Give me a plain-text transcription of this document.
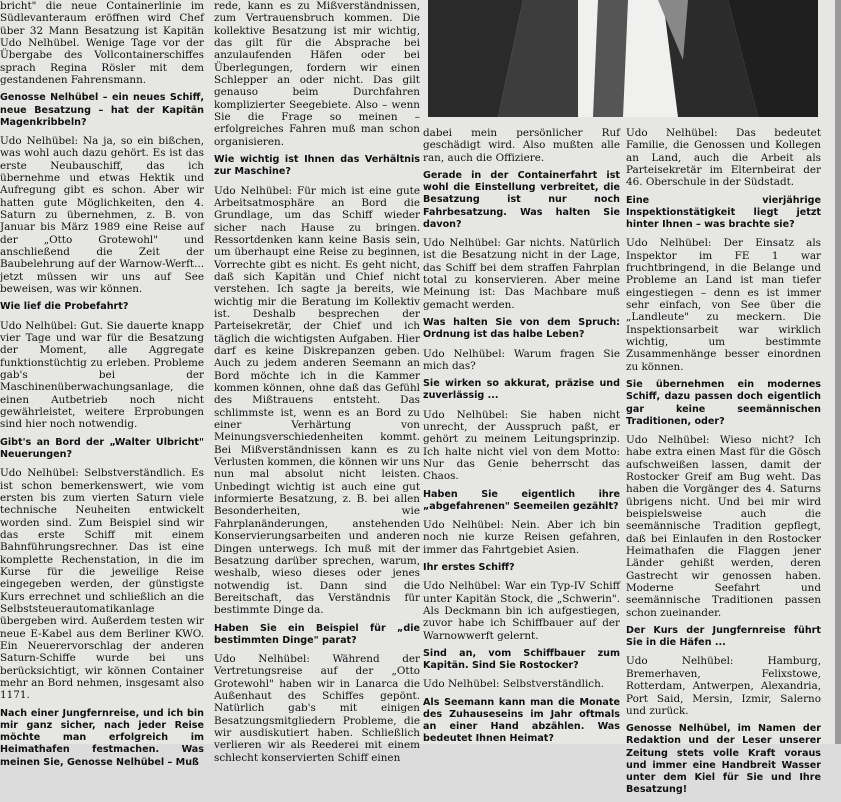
bricht" die neue Containerlinie im Südlevanteraum eröffnen wird Chef über 32 Mann Besatzung ist Kapitän Udo Nelhübel. Wenige Tage vor der Übergabe des Vollcontainerschiffes sprach Regina Rösler mit dem gestandenen Fahrensmann.

Genosse Nelhübel – ein neues Schiff, neue Besatzung – hat der Kapitän Magenkribbeln?

Udo Nelhübel: Na ja, so ein bißchen, was wohl auch dazu gehört. Es ist das erste Neubauschiff, das ich übernehme und etwas Hektik und Aufregung gibt es schon. Aber wir hatten gute Möglichkeiten, den 4. Saturn zu übernehmen, z. B. von Januar bis März 1989 eine Reise auf der „Otto Grotewohl" und anschließend die Zeit der Baubelehrung auf der Warnow-Werft... jetzt müssen wir uns auf See beweisen, was wir können.

Wie lief die Probefahrt?

Udo Nelhübel: Gut. Sie dauerte knapp vier Tage und war für die Besatzung der Moment, alle Aggregate funktionstüchtig zu erleben. Probleme gab's bei der Maschinenüberwachungsanlage, die einen Autbetrieb noch nicht gewährleistet, weitere Erprobungen sind hier noch notwendig.

Gibt's an Bord der „Walter Ulbricht" Neuerungen?

Udo Nelhübel: Selbstverständlich. Es ist schon bemerkenswert, wie vom ersten bis zum vierten Saturn viele technische Neuheiten entwickelt worden sind. Zum Beispiel sind wir das erste Schiff mit einem Bahnführungsrechner. Das ist eine komplette Rechenstation, in die im Kurse für die jeweilige Reise eingegeben werden, der günstigste Kurs errechnet und schließlich an die Selbststeuerautomatikanlage übergeben wird. Außerdem testen wir neue E-Kabel aus dem Berliner KWO. Ein Neuerervorschlag der anderen Saturn-Schiffe wurde bei uns berücksichtigt, wir können Container mehr an Bord nehmen, insgesamt also 1171.

Nach einer Jungfernreise, und ich bin mir ganz sicher, nach jeder Reise möchte man erfolgreich im Heimathafen festmachen. Was meinen Sie, Genosse Nelhübel – Muß

rede, kann es zu Mißverständnissen, zum Vertrauensbruch kommen. Die kollektive Besatzung ist mir wichtig, das gilt für die Absprache bei anzulaufenden Häfen oder bei Überlegungen, fordern wir einen Schlepper an oder nicht. Das gilt genauso beim Durchfahren komplizierter Seegebiete. Also – wenn Sie die Frage so meinen – erfolgreiches Fahren muß man schon organisieren.

Wie wichtig ist Ihnen das Verhältnis zur Maschine?

Udo Nelhübel: Für mich ist eine gute Arbeitsatmosphäre an Bord die Grundlage, um das Schiff wieder sicher nach Hause zu bringen. Ressortdenken kann keine Basis sein, um überhaupt eine Reise zu beginnen, Vorrechte gibt es nicht. Es geht nicht, daß sich Kapitän und Chief nicht verstehen. Ich sagte ja bereits, wie wichtig mir die Beratung im Kollektiv ist. Deshalb besprechen der Parteisekretär, der Chief und ich täglich die wichtigsten Aufgaben. Hier darf es keine Diskrepanzen geben. Auch zu jedem anderen Seemann an Bord möchte ich in die Kammer kommen können, ohne daß das Gefühl des Mißtrauens entsteht. Das schlimmste ist, wenn es an Bord zu einer Verhärtung von Meinungsverschiedenheiten kommt. Bei Mißverständnissen kann es zu Verlusten kommen, die können wir uns nun mal absolut nicht leisten. Unbedingt wichtig ist auch eine gut informierte Besatzung, z. B. bei allen Besonderheiten, wie Fahrplanänderungen, anstehenden Konservierungsarbeiten und anderen Dingen unterwegs. Ich muß mit der Besatzung darüber sprechen, warum, weshalb, wieso dieses oder jenes notwendig ist. Dann sind die Bereitschaft, das Verständnis für bestimmte Dinge da.

Haben Sie ein Beispiel für „die bestimmten Dinge" parat?

Udo Nelhübel: Während der Vertretungsreise auf der „Otto Grotewohl" haben wir in Lanarca die Außenhaut des Schiffes gepönt. Natürlich gab's mit einigen Besatzungsmitgliedern Probleme, die wir ausdiskutiert haben. Schließlich verlieren wir als Reederei mit einem schlecht konservierten Schiff einen

dabei mein persönlicher Ruf geschädigt wird. Also mußten alle ran, auch die Offiziere.

Gerade in der Containerfahrt ist wohl die Einstellung verbreitet, die Besatzung ist nur noch Fahrbesatzung. Was halten Sie davon?

Udo Nelhübel: Gar nichts. Natürlich ist die Besatzung nicht in der Lage, das Schiff bei dem straffen Fahrplan total zu konservieren. Aber meine Meinung ist: Das Machbare muß gemacht werden.

Was halten Sie von dem Spruch: Ordnung ist das halbe Leben?

Udo Nelhübel: Warum fragen Sie mich das?

Sie wirken so akkurat, präzise und zuverlässig ...

Udo Nelhübel: Sie haben nicht unrecht, der Ausspruch paßt, er gehört zu meinem Leitungsprinzip. Ich halte nicht viel von dem Motto: Nur das Genie beherrscht das Chaos.

Haben Sie eigentlich ihre „abgefahrenen" Seemeilen gezählt?

Udo Nelhübel: Nein. Aber ich bin noch nie kurze Reisen gefahren, immer das Fahrtgebiet Asien.

Ihr erstes Schiff?

Udo Nelhübel: War ein Typ-IV Schiff unter Kapitän Stock, die „Schwerin". Als Deckmann bin ich aufgestiegen, zuvor habe ich Schiffbauer auf der Warnowwerft gelernt.

Sind an, vom Schiffbauer zum Kapitän. Sind Sie Rostocker?

Udo Nelhübel: Selbstverständlich.

Als Seemann kann man die Monate des Zuhauseseins im Jahr oftmals an einer Hand abzählen. Was bedeutet Ihnen Heimat?

Udo Nelhübel: Das bedeutet Familie, die Genossen und Kollegen an Land, auch die Arbeit als Parteisekretär im Elternbeirat der 46. Oberschule in der Südstadt.

Eine vierjährige Inspektionstätigkeit liegt jetzt hinter Ihnen – was brachte sie?

Udo Nelhübel: Der Einsatz als Inspektor im FE 1 war fruchtbringend, in die Belange und Probleme an Land ist man tiefer eingestiegen – denn es ist immer sehr einfach, von See über die „Landleute" zu meckern. Die Inspektionsarbeit war wirklich wichtig, um bestimmte Zusammenhänge besser einordnen zu können.

Sie übernehmen ein modernes Schiff, dazu passen doch eigentlich gar keine seemännischen Traditionen, oder?

Udo Nelhübel: Wieso nicht? Ich habe extra einen Mast für die Gösch aufschweißen lassen, damit der Rostocker Greif am Bug weht. Das haben die Vorgänger des 4. Saturns übrigens nicht. Und bei mir wird beispielsweise auch die seemännische Tradition gepflegt, daß bei Einlaufen in den Rostocker Heimathafen die Flaggen jener Länder gehißt werden, deren Gastrecht wir genossen haben. Moderne Seefahrt und seemännische Traditionen passen schon zueinander.

Der Kurs der Jungfernreise führt Sie in die Häfen ...

Udo Nelhübel: Hamburg, Bremerhaven, Felixstowe, Rotterdam, Antwerpen, Alexandria, Port Said, Mersin, Izmir, Salerno und zurück.

Genosse Nelhübel, im Namen der Redaktion und der Leser unserer Zeitung stets volle Kraft voraus und immer eine Handbreit Wasser unter dem Kiel für Sie und Ihre Besatzung!
